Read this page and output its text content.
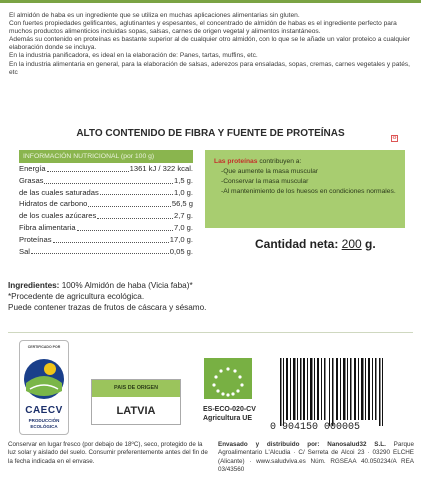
El almidón de haba es un ingrediente que se utiliza en muchas aplicaciones alimentarias sin gluten.

Con fuertes propiedades gelificantes, aglutinantes y espesantes, el concentrado de almidón de habas es el ingrediente perfecto para muchos productos alimenticios incluidas sopas, salsas, carnes de origen vegetal y alimentos instantáneos.

Además su contenido en proteínas es bastante superior al de cualquier otro almidón, con lo que se le añade un valor proteico a cualquier elaboración donde se incluya.

En la industria panificadora, es ideal en la elaboración de: Panes, tartas, muffins, etc.

En la industria alimentaria en general, para la elaboración de salsas, aderezos para ensaladas, sopas, cremas, carnes vegetales y patés, etc

ALTO CONTENIDO DE FIBRA Y FUENTE DE PROTEÍNAS	♻
INFORMACIÓN NUTRICIONAL (por 100 g)
Energía	1361 kJ / 322 kcal.
Grasas	1,5 g.
de las cuales saturadas	1,0 g.
Hidratos de carbono	56,5 g
de los cuales azúcares	2,7 g.
Fibra alimentaria	7,0 g.
Proteínas	17,0 g.
Sal	0,05 g.
Las proteínas contribuyen a:
-Que aumente la masa muscular
-Conservar la masa muscular
-Al mantenimiento de los huesos en condiciones normales.
Cantidad neta: 200 g.
Ingredientes: 100% Almidón de haba (Vicia faba)*
*Procedente de agricultura ecológica.
Puede contener trazas de frutos de cáscara y sésamo.
CERTIFICADO POR
CAECV
PRODUCCIÓN
ECOLÓGICA
PAIS DE ORIGEN
LATVIA	ES-ECO-020-CV
Agricultura UE
0 904150 000005
Conservar en lugar fresco (por debajo de 18ºC), seco, protegido de la luz solar y aislado del suelo. Consumir preferentemente antes del fin de la fecha indicada en el envase.
Envasado y distribuido por: Nanosalud32 S.L. Parque Agroalimentario L'Alcudia · C/ Serreta de Alcoi 23 · 03290 ELCHE (Alicante) · www.saludviva.es Núm. RGSEAA 40.050234/A REA 03/43560
